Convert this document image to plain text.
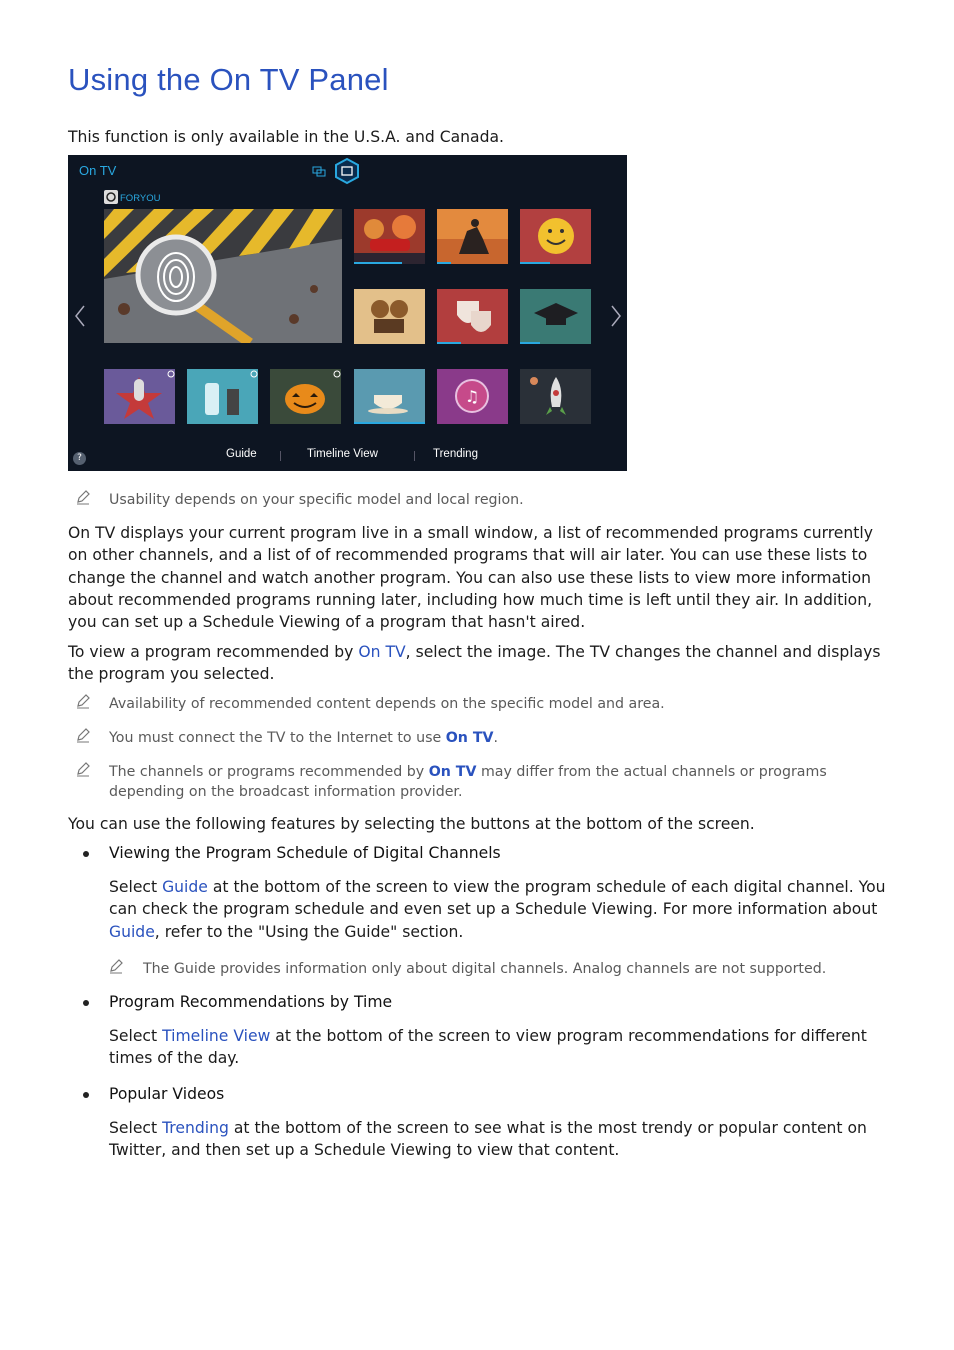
Using the On TV Panel

This function is only available in the U.S.A. and Canada.

On TV
FORYOU
♫
?	Guide	Timeline View	Trending

Usability depends on your specific model and local region.

On TV displays your current program live in a small window, a list of recommended programs currently on other channels, and a list of of recommended programs that will air later. You can use these lists to change the channel and watch another program. You can also use these lists to view more information about recommended programs running later, including how much time is left until they air. In addition, you can set up a Schedule Viewing of a program that hasn't aired.

To view a program recommended by On TV, select the image. The TV changes the channel and displays the program you selected.

Availability of recommended content depends on the specific model and area.

You must connect the TV to the Internet to use On TV.

The channels or programs recommended by On TV may differ from the actual channels or programs depending on the broadcast information provider.

You can use the following features by selecting the buttons at the bottom of the screen.

Viewing the Program Schedule of Digital Channels

Select Guide at the bottom of the screen to view the program schedule of each digital channel. You can check the program schedule and even set up a Schedule Viewing. For more information about Guide, refer to the "Using the Guide" section.

The Guide provides information only about digital channels. Analog channels are not supported.

Program Recommendations by Time

Select Timeline View at the bottom of the screen to view program recommendations for different times of the day.

Popular Videos

Select Trending at the bottom of the screen to see what is the most trendy or popular content on Twitter, and then set up a Schedule Viewing to view that content.
